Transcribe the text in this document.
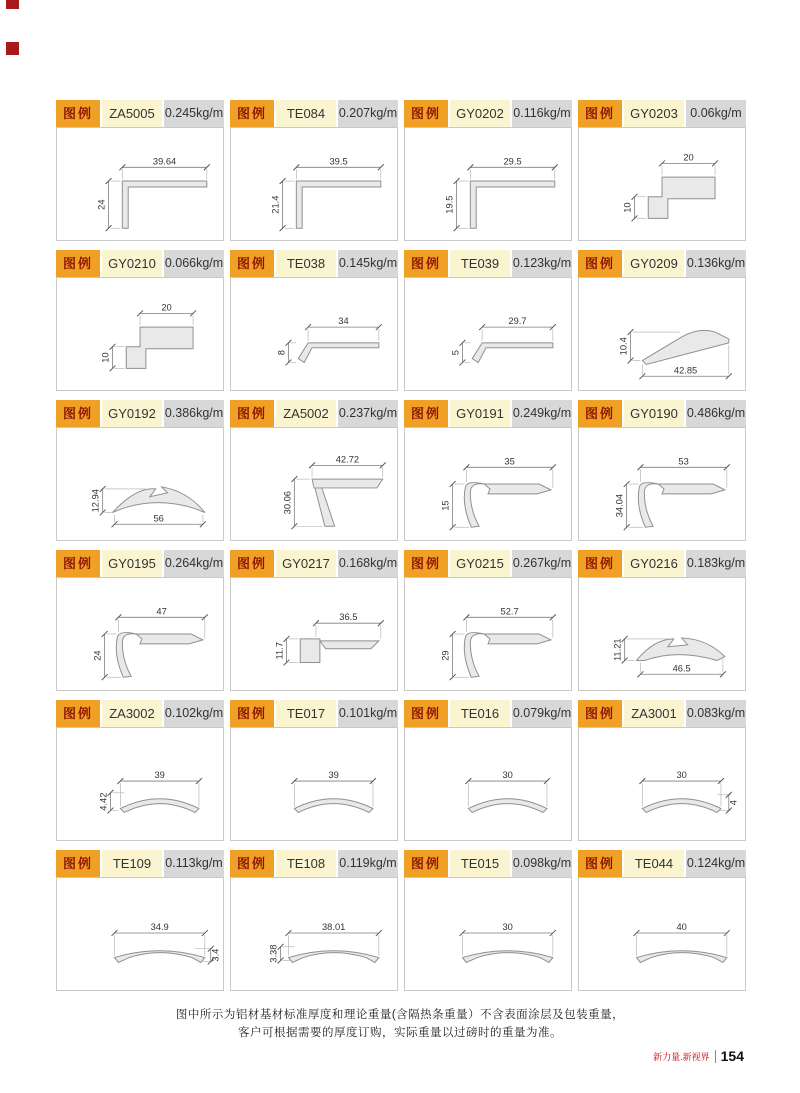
图例	ZA5005 0.245kg/m
39.64
24
图例	TE084	0.207kg/m
39.5
21.4
图例	GY0202 0.116kg/m
29.5
19.5
图例	GY0203 0.06kg/m
20
10
图例	GY0210 0.066kg/m
20
10
图例	TE038	0.145kg/m
34
8
图例	TE039	0.123kg/m
29.7
5
图例	GY0209 0.136kg/m
10.4
42.85
图例	GY0192 0.386kg/m
12.94
56
图例	ZA5002 0.237kg/m
42.72
30.06
图例	GY0191 0.249kg/m
35
15
图例	GY0190 0.486kg/m
53
34.04
图例	GY0195 0.264kg/m
47
24
图例	GY0217 0.168kg/m
36.5
11.7
图例	GY0215 0.267kg/m
52.7
29
图例	GY0216 0.183kg/m
11.21
46.5
图例	ZA3002 0.102kg/m
39
4.42
图例	TE017	0.101kg/m
39
图例	TE016	0.079kg/m
30
图例	ZA3001 0.083kg/m
30
4
图例	TE109	0.113kg/m
34.9
3.4
图例	TE108	0.119kg/m
38.01
3.38
图例	TE015	0.098kg/m
30
图例	TE044	0.124kg/m
40
图中所示为铝材基材标准厚度和理论重量(含隔热条重量）不含表面涂层及包装重量，
客户可根据需要的厚度订购，实际重量以过磅时的重量为准。
新力量.新视界 154
